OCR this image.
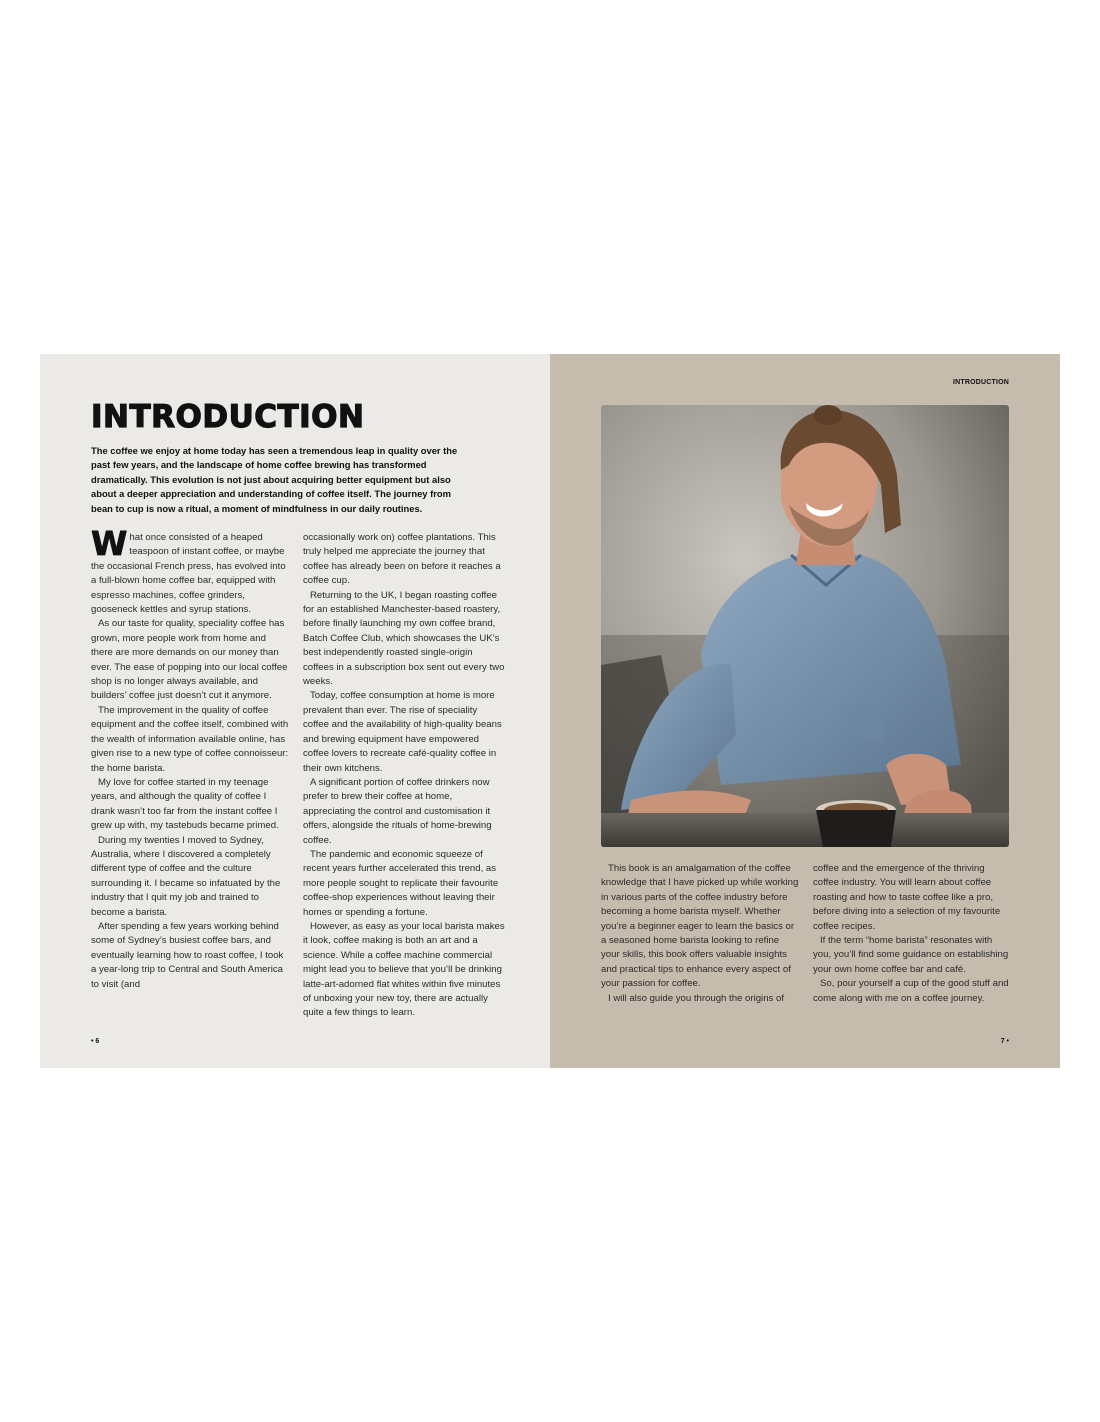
INTRODUCTION

The coffee we enjoy at home today has seen a tremendous leap in quality over the past few years, and the landscape of home coffee brewing has transformed dramatically. This evolution is not just about acquiring better equipment but also about a deeper appreciation and understanding of coffee itself. The journey from bean to cup is now a ritual, a moment of mindfulness in our daily routines.

What once consisted of a heaped teaspoon of instant coffee, or maybe the occasional French press, has evolved into a full-blown home coffee bar, equipped with espresso machines, coffee grinders, gooseneck kettles and syrup stations.

As our taste for quality, speciality coffee has grown, more people work from home and there are more demands on our money than ever. The ease of popping into our local coffee shop is no longer always available, and builders’ coffee just doesn’t cut it anymore.

The improvement in the quality of coffee equipment and the coffee itself, combined with the wealth of information available online, has given rise to a new type of coffee connoisseur: the home barista.

My love for coffee started in my teenage years, and although the quality of coffee I drank wasn’t too far from the instant coffee I grew up with, my tastebuds became primed.

During my twenties I moved to Sydney, Australia, where I discovered a completely different type of coffee and the culture surrounding it. I became so infatuated by the industry that I quit my job and trained to become a barista.

After spending a few years working behind some of Sydney’s busiest coffee bars, and eventually learning how to roast coffee, I took a year-long trip to Central and South America to visit (and

occasionally work on) coffee plantations. This truly helped me appreciate the journey that coffee has already been on before it reaches a coffee cup.

Returning to the UK, I began roasting coffee for an established Manchester-based roastery, before finally launching my own coffee brand, Batch Coffee Club, which showcases the UK’s best independently roasted single-origin coffees in a subscription box sent out every two weeks.

Today, coffee consumption at home is more prevalent than ever. The rise of speciality coffee and the availability of high-quality beans and brewing equipment have empowered coffee lovers to recreate café-quality coffee in their own kitchens.

A significant portion of coffee drinkers now prefer to brew their coffee at home, appreciating the control and customisation it offers, alongside the rituals of home-brewing coffee.

The pandemic and economic squeeze of recent years further accelerated this trend, as more people sought to replicate their favourite coffee-shop experiences without leaving their homes or spending a fortune.

However, as easy as your local barista makes it look, coffee making is both an art and a science. While a coffee machine commercial might lead you to believe that you’ll be drinking latte-art-adorned flat whites within five minutes of unboxing your new toy, there are actually quite a few things to learn.

• 6
INTRODUCTION

This book is an amalgamation of the coffee knowledge that I have picked up while working in various parts of the coffee industry before becoming a home barista myself. Whether you’re a beginner eager to learn the basics or a seasoned home barista looking to refine your skills, this book offers valuable insights and practical tips to enhance every aspect of your passion for coffee.

I will also guide you through the origins of

coffee and the emergence of the thriving coffee industry. You will learn about coffee roasting and how to taste coffee like a pro, before diving into a selection of my favourite coffee recipes.

If the term “home barista” resonates with you, you’ll find some guidance on establishing your own home coffee bar and café.

So, pour yourself a cup of the good stuff and come along with me on a coffee journey.

7 •
